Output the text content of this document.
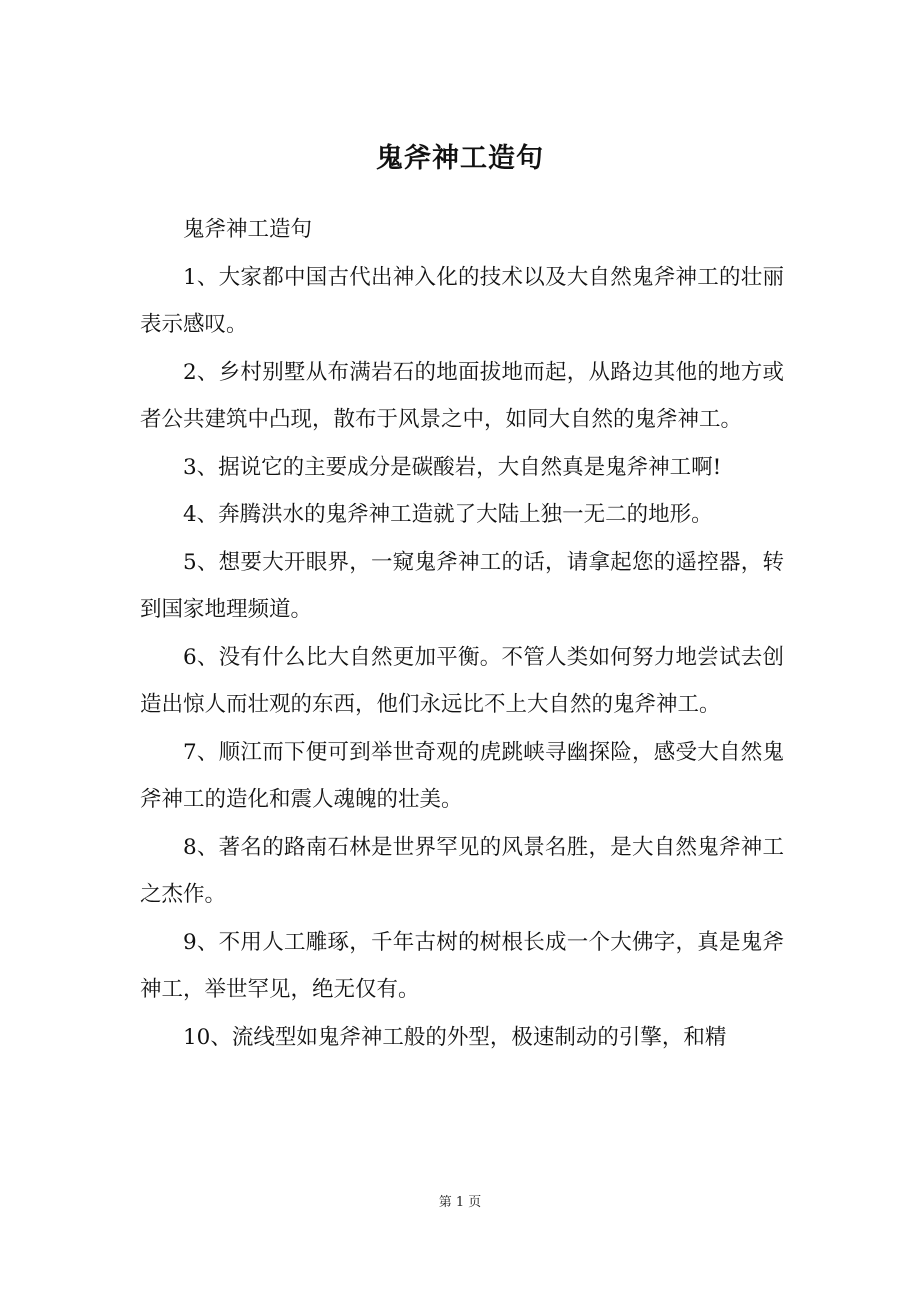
鬼斧神工造句

鬼斧神工造句

1、大家都中国古代出神入化的技术以及大自然鬼斧神工的壮丽表示感叹。

2、乡村别墅从布满岩石的地面拔地而起，从路边其他的地方或者公共建筑中凸现，散布于风景之中，如同大自然的鬼斧神工。

3、据说它的主要成分是碳酸岩，大自然真是鬼斧神工啊!

4、奔腾洪水的鬼斧神工造就了大陆上独一无二的地形。

5、想要大开眼界，一窥鬼斧神工的话，请拿起您的遥控器，转到国家地理频道。

6、没有什么比大自然更加平衡。不管人类如何努力地尝试去创造出惊人而壮观的东西，他们永远比不上大自然的鬼斧神工。

7、顺江而下便可到举世奇观的虎跳峡寻幽探险，感受大自然鬼斧神工的造化和震人魂魄的壮美。

8、著名的路南石林是世界罕见的风景名胜，是大自然鬼斧神工之杰作。

9、不用人工雕琢，千年古树的树根长成一个大佛字，真是鬼斧神工，举世罕见，绝无仅有。

10、流线型如鬼斧神工般的外型，极速制动的引擎，和精

第 1 页
